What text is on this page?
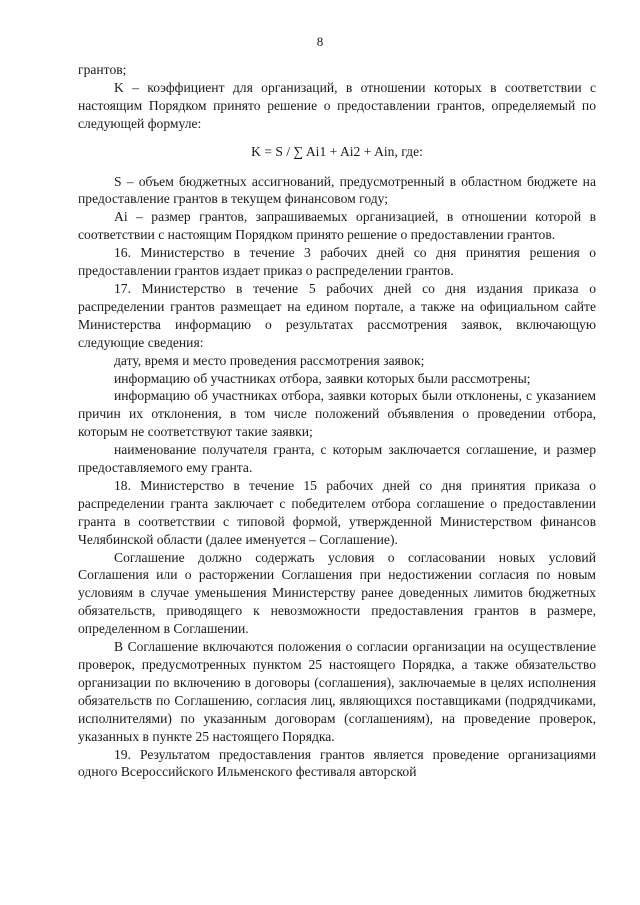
8

грантов;

K – коэффициент для организаций, в отношении которых в соответствии с настоящим Порядком принято решение о предоставлении грантов, определяемый по следующей формуле:

K = S / ∑ Ai1 + Ai2 + Ain, где:

S – объем бюджетных ассигнований, предусмотренный в областном бюджете на предоставление грантов в текущем финансовом году;

Ai – размер грантов, запрашиваемых организацией, в отношении которой в соответствии с настоящим Порядком принято решение о предоставлении грантов.

16. Министерство в течение 3 рабочих дней со дня принятия решения о предоставлении грантов издает приказ о распределении грантов.

17. Министерство в течение 5 рабочих дней со дня издания приказа о распределении грантов размещает на едином портале, а также на официальном сайте Министерства информацию о результатах рассмотрения заявок, включающую следующие сведения:

дату, время и место проведения рассмотрения заявок;

информацию об участниках отбора, заявки которых были рассмотрены;

информацию об участниках отбора, заявки которых были отклонены, с указанием причин их отклонения, в том числе положений объявления о проведении отбора, которым не соответствуют такие заявки;

наименование получателя гранта, с которым заключается соглашение, и размер предоставляемого ему гранта.

18. Министерство в течение 15 рабочих дней со дня принятия приказа о распределении гранта заключает с победителем отбора соглашение о предоставлении гранта в соответствии с типовой формой, утвержденной Министерством финансов Челябинской области (далее именуется – Соглашение).

Соглашение должно содержать условия о согласовании новых условий Соглашения или о расторжении Соглашения при недостижении согласия по новым условиям в случае уменьшения Министерству ранее доведенных лимитов бюджетных обязательств, приводящего к невозможности предоставления грантов в размере, определенном в Соглашении.

В Соглашение включаются положения о согласии организации на осуществление проверок, предусмотренных пунктом 25 настоящего Порядка, а также обязательство организации по включению в договоры (соглашения), заключаемые в целях исполнения обязательств по Соглашению, согласия лиц, являющихся поставщиками (подрядчиками, исполнителями) по указанным договорам (соглашениям), на проведение проверок, указанных в пункте 25 настоящего Порядка.

19. Результатом предоставления грантов является проведение организациями одного Всероссийского Ильменского фестиваля авторской
